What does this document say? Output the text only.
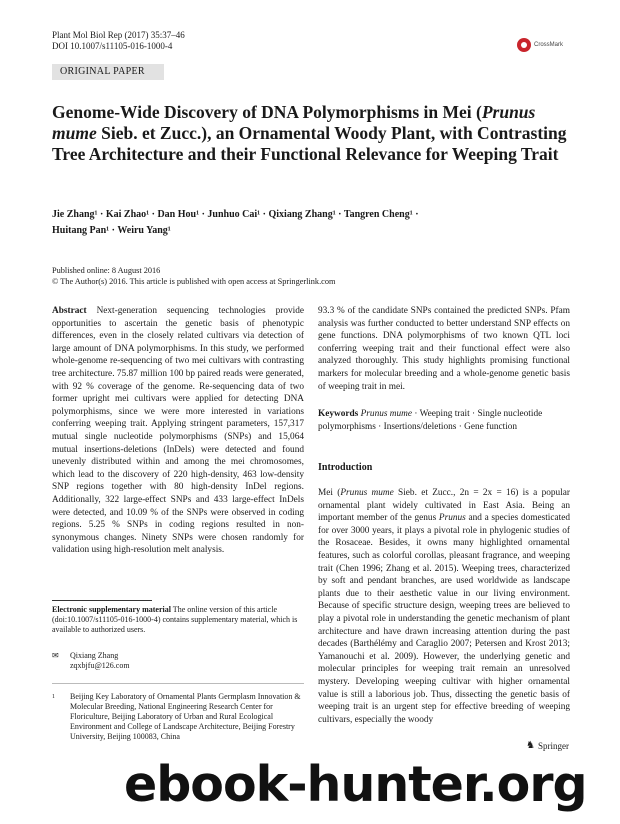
Plant Mol Biol Rep (2017) 35:37–46
DOI 10.1007/s11105-016-1000-4	CrossMark
ORIGINAL PAPER
Genome-Wide Discovery of DNA Polymorphisms in Mei (Prunus mume Sieb. et Zucc.), an Ornamental Woody Plant, with Contrasting Tree Architecture and their Functional Relevance for Weeping Trait
Jie Zhang¹ · Kai Zhao¹ · Dan Hou¹ · Junhuo Cai¹ · Qixiang Zhang¹ · Tangren Cheng¹ ·
Huitang Pan¹ · Weiru Yang¹
Published online: 8 August 2016
© The Author(s) 2016. This article is published with open access at Springerlink.com
Abstract Next-generation sequencing technologies provide opportunities to ascertain the genetic basis of phenotypic differences, even in the closely related cultivars via detection of large amount of DNA polymorphisms. In this study, we performed whole-genome re-sequencing of two mei cultivars with contrasting tree architecture. 75.87 million 100 bp paired reads were generated, with 92 % coverage of the genome. Re-sequencing data of two former upright mei cultivars were applied for detecting DNA polymorphisms, since we were more interested in variations conferring weeping trait. Applying stringent parameters, 157,317 mutual single nucleotide polymorphisms (SNPs) and 15,064 mutual insertions-deletions (InDels) were detected and found unevenly distributed within and among the mei chromosomes, which lead to the discovery of 220 high-density, 463 low-density SNP regions together with 80 high-density InDel regions. Additionally, 322 large-effect SNPs and 433 large-effect InDels were detected, and 10.09 % of the SNPs were observed in coding regions. 5.25 % SNPs in coding regions resulted in non-synonymous changes. Ninety SNPs were chosen randomly for validation using high-resolution melt analysis.
93.3 % of the candidate SNPs contained the predicted SNPs. Pfam analysis was further conducted to better understand SNP effects on gene functions. DNA polymorphisms of two known QTL loci conferring weeping trait and their functional effect were also analyzed thoroughly. This study highlights promising functional markers for molecular breeding and a whole-genome genetic basis of weeping trait in mei.
Keywords Prunus mume · Weeping trait · Single nucleotide polymorphisms · Insertions/deletions · Gene function
Introduction
Mei (Prunus mume Sieb. et Zucc., 2n = 2x = 16) is a popular ornamental plant widely cultivated in East Asia. Being an important member of the genus Prunus and a species domesticated for over 3000 years, it plays a pivotal role in phylogenic studies of the Rosaceae. Besides, it owns many highlighted ornamental features, such as colorful corollas, pleasant fragrance, and weeping trait (Chen 1996; Zhang et al. 2015). Weeping trees, characterized by soft and pendant branches, are used worldwide as landscape plants due to their aesthetic value in our living environment. Because of specific structure design, weeping trees are believed to play a pivotal role in understanding the genetic mechanism of plant architecture and have drawn increasing attention during the past decades (Barthélémy and Caraglio 2007; Petersen and Krost 2013; Yamanouchi et al. 2009). However, the underlying genetic and molecular principles for weeping trait remain an unresolved mystery. Developing weeping cultivar with higher ornamental value is still a laborious job. Thus, dissecting the genetic basis of weeping trait is an urgent step for effective breeding of weeping cultivars, especially the woody
Electronic supplementary material The online version of this article (doi:10.1007/s11105-016-1000-4) contains supplementary material, which is available to authorized users.
✉ Qixiang Zhang
zqxbjfu@126.com
1	Beijing Key Laboratory of Ornamental Plants Germplasm Innovation & Molecular Breeding, National Engineering Research Center for Floriculture, Beijing Laboratory of Urban and Rural Ecological Environment and College of Landscape Architecture, Beijing Forestry University, Beijing 100083, China
♞ Springer
ebook-hunter.org
